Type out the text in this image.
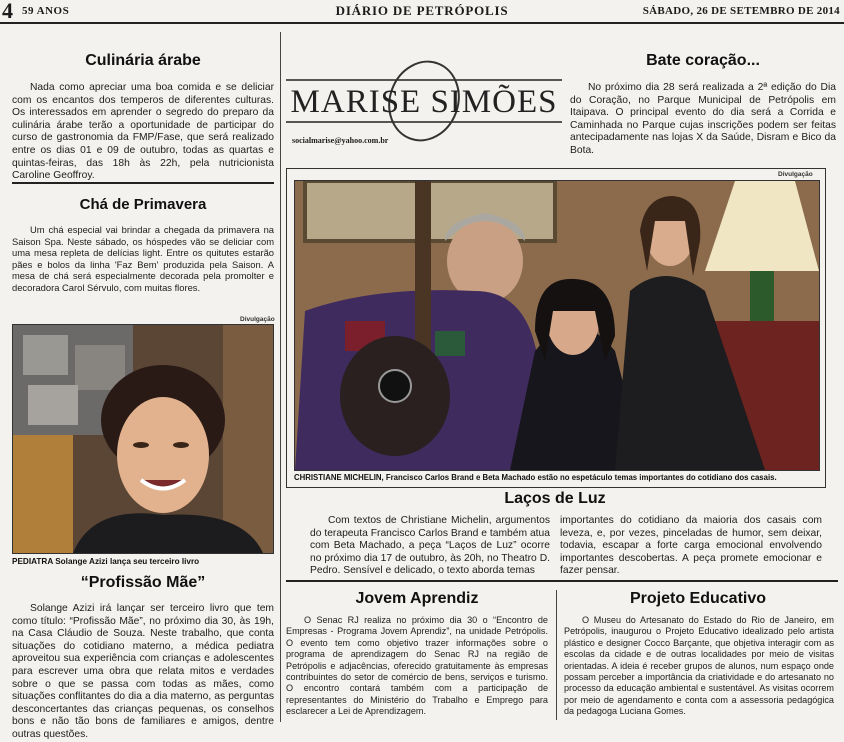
4 59 ANOS	DIÁRIO DE PETRÓPOLIS	SÁBADO, 26 DE SETEMBRO DE 2014
Culinária árabe

Nada como apreciar uma boa comida e se deliciar com os encantos dos temperos de diferentes culturas. Os interessados em aprender o segredo do preparo da culinária árabe terão a oportunidade de participar do curso de gastronomia da FMP/Fase, que será realizado entre os dias 01 e 09 de outubro, todas as quartas e quintas-feiras, das 18h às 22h, pela nutricionista Caroline Geoffroy.

Chá de Primavera

Um chá especial vai brindar a chegada da primavera na Saison Spa. Neste sábado, os hóspedes vão se deliciar com uma mesa repleta de delícias light. Entre os quitutes estarão pães e bolos da linha 'Faz Bem' produzida pela Saison. A mesa de chá será especialmente decorada pela promolter e decoradora Carol Sérvulo, com muitas flores.

Divulgação
PEDIATRA Solange Azizi lança seu terceiro livro
“Profissão Mãe”

Solange Azizi irá lançar ser terceiro livro que tem como título: “Profissão Mãe”, no próximo dia 30, às 19h, na Casa Cláudio de Souza. Neste trabalho, que conta situações do cotidiano materno, a médica pediatra aproveitou sua experiência com crianças e adolescentes para escrever uma obra que relata mitos e verdades sobre o que se passa com todas as mães, como situações conflitantes do dia a dia materno, as perguntas desconcertantes das crianças pequenas, os conselhos bons e não tão bons de familiares e amigos, dentre outras questões.

MARISE SIMÕES
socialmarise@yahoo.com.br
Bate coração...

No próximo dia 28 será realizada a 2ª edição do Dia do Coração, no Parque Municipal de Petrópolis em Itaipava. O principal evento do dia será a Corrida e Caminhada no Parque cujas inscrições podem ser feitas antecipadamente nas lojas X da Saúde, Disram e Bico da Bota.

Divulgação
CHRISTIANE MICHELIN, Francisco Carlos Brand e Beta Machado estão no espetáculo temas importantes do cotidiano dos casais.
Laços de Luz

Com textos de Christiane Michelin, argumentos do terapeuta Francisco Carlos Brand e também atua com Beta Machado, a peça “Laços de Luz” ocorre no próximo dia 17 de outubro, às 20h, no Theatro D. Pedro. Sensível e delicado, o texto aborda temas

importantes do cotidiano da maioria dos casais com leveza, e, por vezes, pinceladas de humor, sem deixar, todavia, escapar a forte carga emocional envolvendo importantes descobertas. A peça promete emocionar e fazer pensar.

Jovem Aprendiz

O Senac RJ realiza no próximo dia 30 o “Encontro de Empresas - Programa Jovem Aprendiz”, na unidade Petrópolis. O evento tem como objetivo trazer informações sobre o programa de aprendizagem do Senac RJ na região de Petrópolis e adjacências, oferecido gratuitamente às empresas contribuintes do setor de comércio de bens, serviços e turismo. O encontro contará também com a participação de representantes do Ministério do Trabalho e Emprego para esclarecer a Lei de Aprendizagem.

Projeto Educativo

O Museu do Artesanato do Estado do Rio de Janeiro, em Petrópolis, inaugurou o Projeto Educativo idealizado pelo artista plástico e designer Cocco Barçante, que objetiva interagir com as escolas da cidade e de outras localidades por meio de visitas orientadas. A ideia é receber grupos de alunos, num espaço onde possam perceber a importância da criatividade e do artesanato no processo da educação ambiental e sustentável. As visitas ocorrem por meio de agendamento e conta com a assessoria pedagógica da pedagoga Luciana Gomes.
